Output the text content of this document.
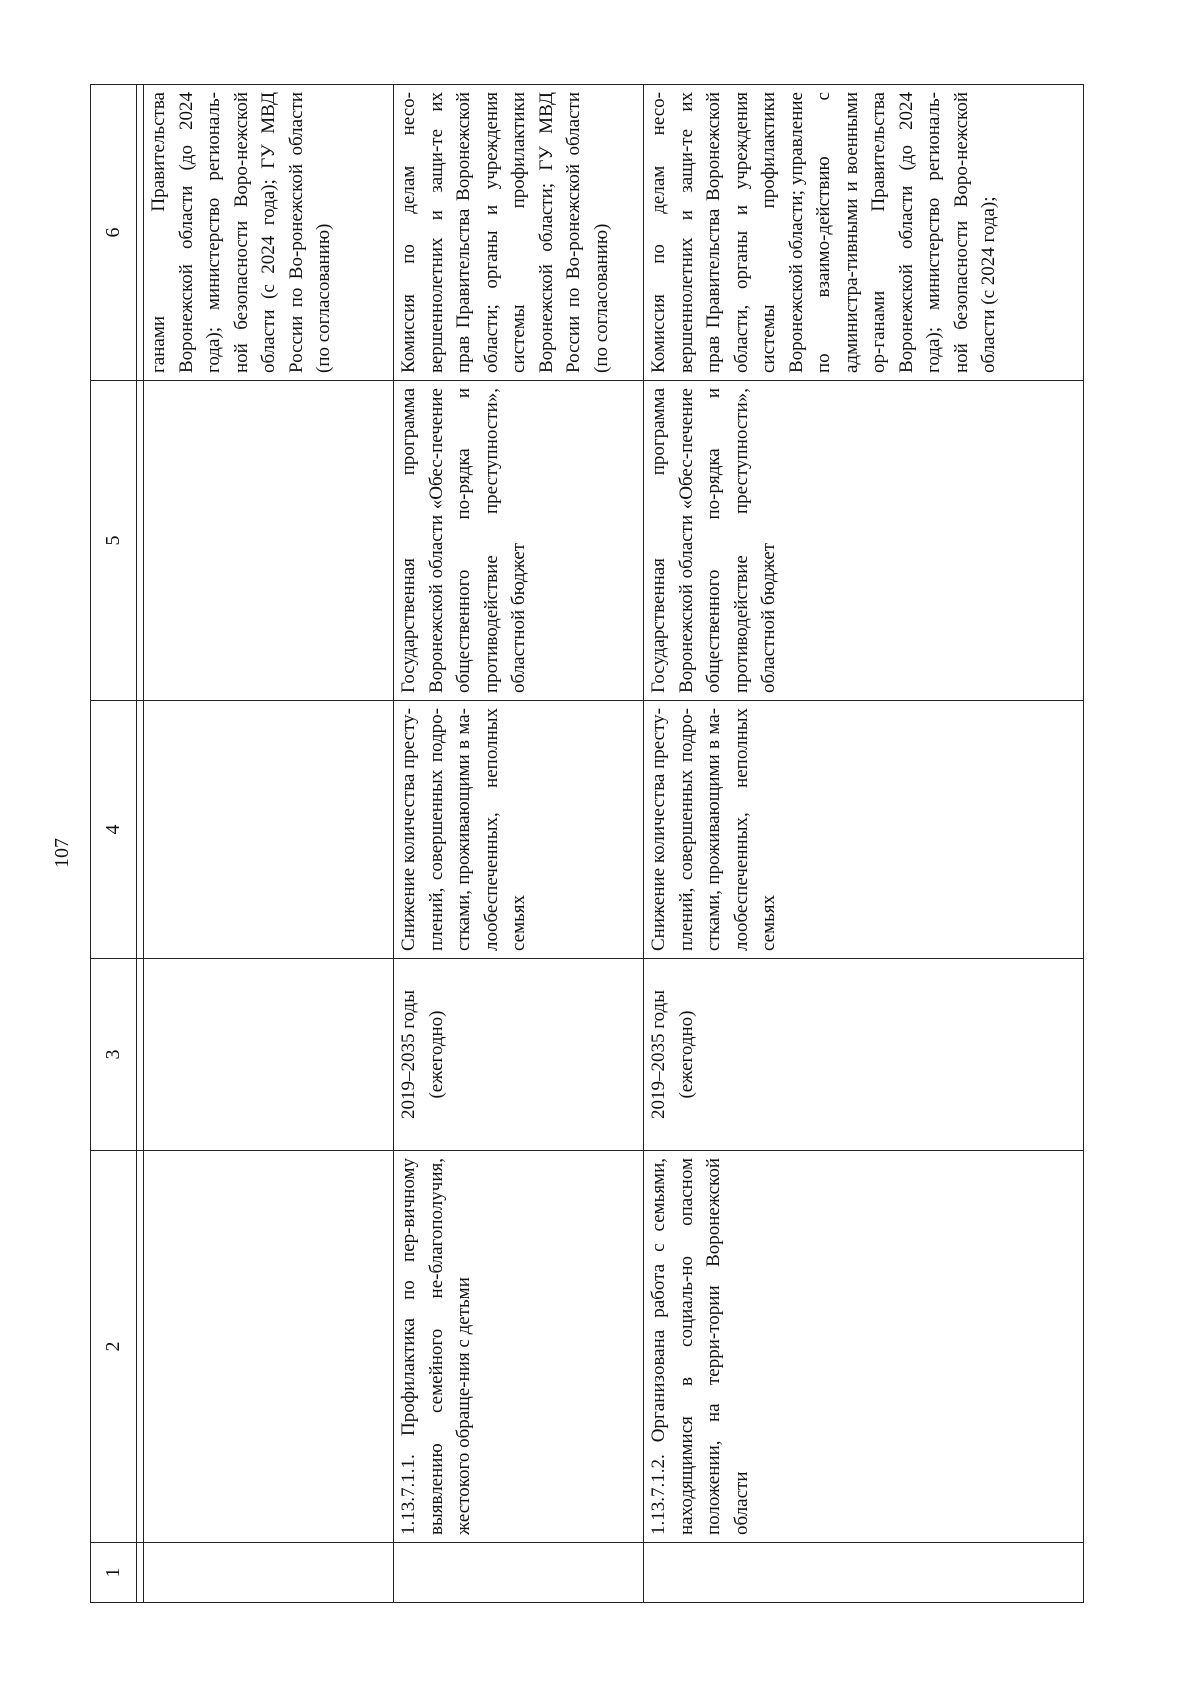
107
1	2	3	4	5	6

					ганами Правительства Воронежской области (до 2024 года); министерство региональ-ной безопасности Воро-нежской области (с 2024 года); ГУ МВД России по Во-ронежской области (по согласованию)
	1.13.7.1.1. Профилактика по пер-вичному выявлению семейного не-благополучия, жестокого обраще-ния с детьми	2019–2035 годы (ежегодно)	Снижение количества престу-плений, совершенных подро-стками, проживающими в ма-лообеспеченных, неполных семьях	Государственная программа Воронежской области «Обес-печение общественного по-рядка и противодействие преступности», областной бюджет	Комиссия по делам несо-вершеннолетних и защи-те их прав Правительства Воронежской области; органы и учреждения системы профилактики Воронежской области; ГУ МВД России по Во-ронежской области (по согласованию)
	1.13.7.1.2. Организована работа с семьями, находящимися в социаль-но опасном положении, на терри-тории Воронежской области	2019–2035 годы (ежегодно)	Снижение количества престу-плений, совершенных подро-стками, проживающими в ма-лообеспеченных, неполных семьях	Государственная программа Воронежской области «Обес-печение общественного по-рядка и противодействие преступности», областной бюджет	Комиссия по делам несо-вершеннолетних и защи-те их прав Правительства Воронежской области, органы и учреждения системы профилактики Воронежской области; управление по взаимо-действию с администра-тивными и военными ор-ганами Правительства Воронежской области (до 2024 года); министерство региональ-ной безопасности Воро-нежской области (с 2024 года);
